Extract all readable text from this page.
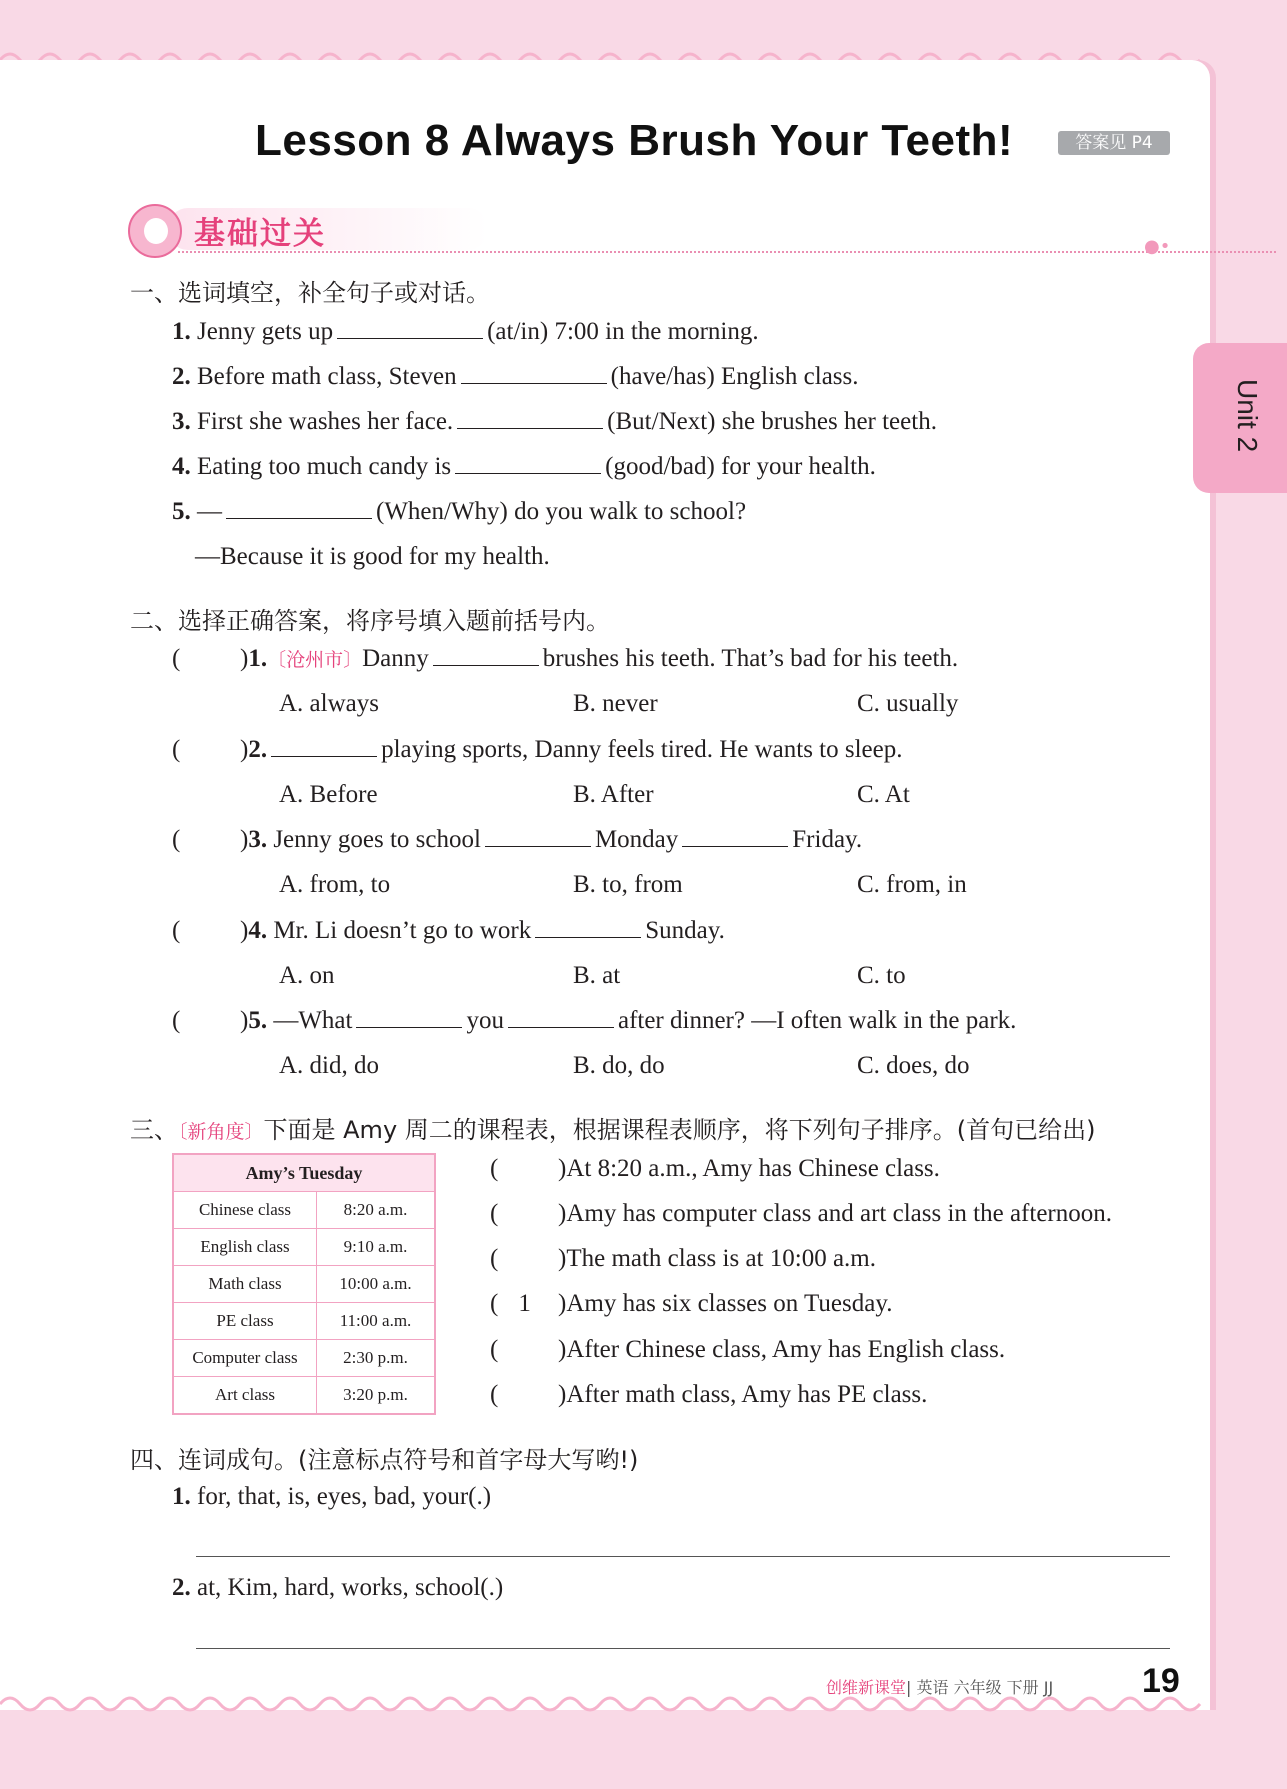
Lesson 8 Always Brush Your Teeth!	答案见 P4
Unit 2
基础过关	●•
一、选词填空，补全句子或对话。
1. Jenny gets up	(at/in) 7:00 in the morning.
2. Before math class, Steven	(have/has) English class.
3. First she washes her face.	(But/Next) she brushes her teeth.
4. Eating too much candy is	(good/bad) for your health.
5. —	(When/Why) do you walk to school?
—Because it is good for my health.
二、选择正确答案，将序号填入题前括号内。
( )1.〔沧州市〕Danny	brushes his teeth. That’s bad for his teeth.
A. always	B. never	C. usually
( )2.	playing sports, Danny feels tired. He wants to sleep.
A. Before	B. After	C. At
( )3. Jenny goes to school	Monday	Friday.
A. from, to	B. to, from	C. from, in
( )4. Mr. Li doesn’t go to work	Sunday.
A. on	B. at	C. to
( )5. —What	you	after dinner? —I often walk in the park.
A. did, do	B. do, do	C. does, do
三、〔新角度〕下面是 Amy 周二的课程表，根据课程表顺序，将下列句子排序。(首句已给出)
Amy’s Tuesday	
Chinese class	8:20 a.m.
English class	9:10 a.m.
Math class	10:00 a.m.
PE class	11:00 a.m.
Computer class	2:30 p.m.
Art class	3:20 p.m.
( )At 8:20 a.m., Amy has Chinese class.
( )Amy has computer class and art class in the afternoon.
( )The math class is at 10:00 a.m.
( 1 )Amy has six classes on Tuesday.
( )After Chinese class, Amy has English class.
( )After math class, Amy has PE class.
四、连词成句。(注意标点符号和首字母大写哟!)
1. for, that, is, eyes, bad, your(.)
2. at, Kim, hard, works, school(.)
创维新课堂| 英语 六年级 下册 JJ	19
